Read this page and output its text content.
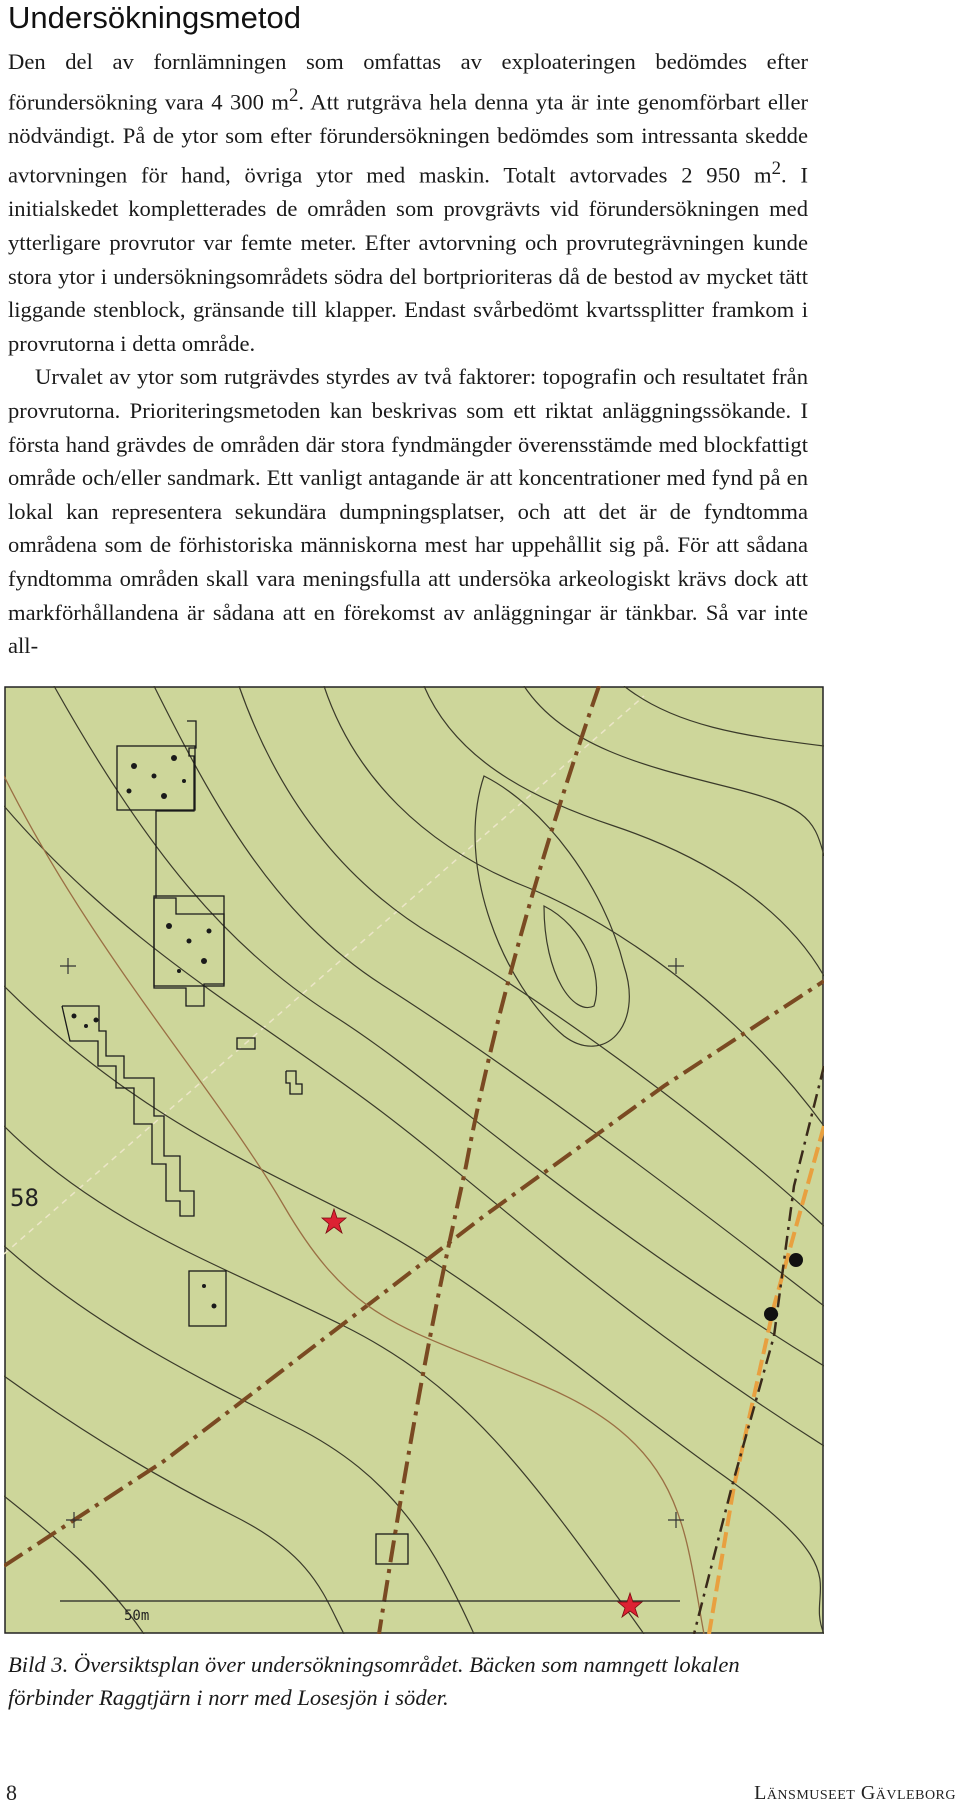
Undersökningsmetod

Den del av fornlämningen som omfattas av exploateringen bedömdes efter förundersökning vara 4 300 $m^2$. Att rutgräva hela denna yta är inte genomförbart eller nödvändigt. På de ytor som efter förundersökningen bedömdes som intressanta skedde avtorvningen för hand, övriga ytor med maskin. Totalt avtorvades 2 950 $m^2$. I initialskedet kompletterades de områden som provgrävts vid förundersökningen med ytterligare provrutor var femte meter. Efter avtorvning och provrutegrävningen kunde stora ytor i undersökningsområdets södra del bortprioriteras då de bestod av mycket tätt liggande stenblock, gränsande till klapper. Endast svårbedömt kvartssplitter framkom i provrutorna i detta område.

Urvalet av ytor som rutgrävdes styrdes av två faktorer: topografin och resultatet från provrutorna. Prioriteringsmetoden kan beskrivas som ett riktat anläggningssökande. I första hand grävdes de områden där stora fyndmängder överensstämde med blockfattigt område och/eller sandmark. Ett vanligt antagande är att koncentrationer med fynd på en lokal kan representera sekundära dumpningsplatser, och att det är de fyndtomma områdena som de förhistoriska människorna mest har uppehållit sig på. För att sådana fyndtomma områden skall vara meningsfulla att undersöka arkeologiskt krävs dock att markförhållandena är sådana att en förekomst av anläggningar är tänkbar. Så var inte all-

58
50m
Bild 3. Översiktsplan över undersökningsområdet. Bäcken som namngett lokalen förbinder Raggtjärn i norr med Losesjön i söder.
8	Länsmuseet Gävleborg
